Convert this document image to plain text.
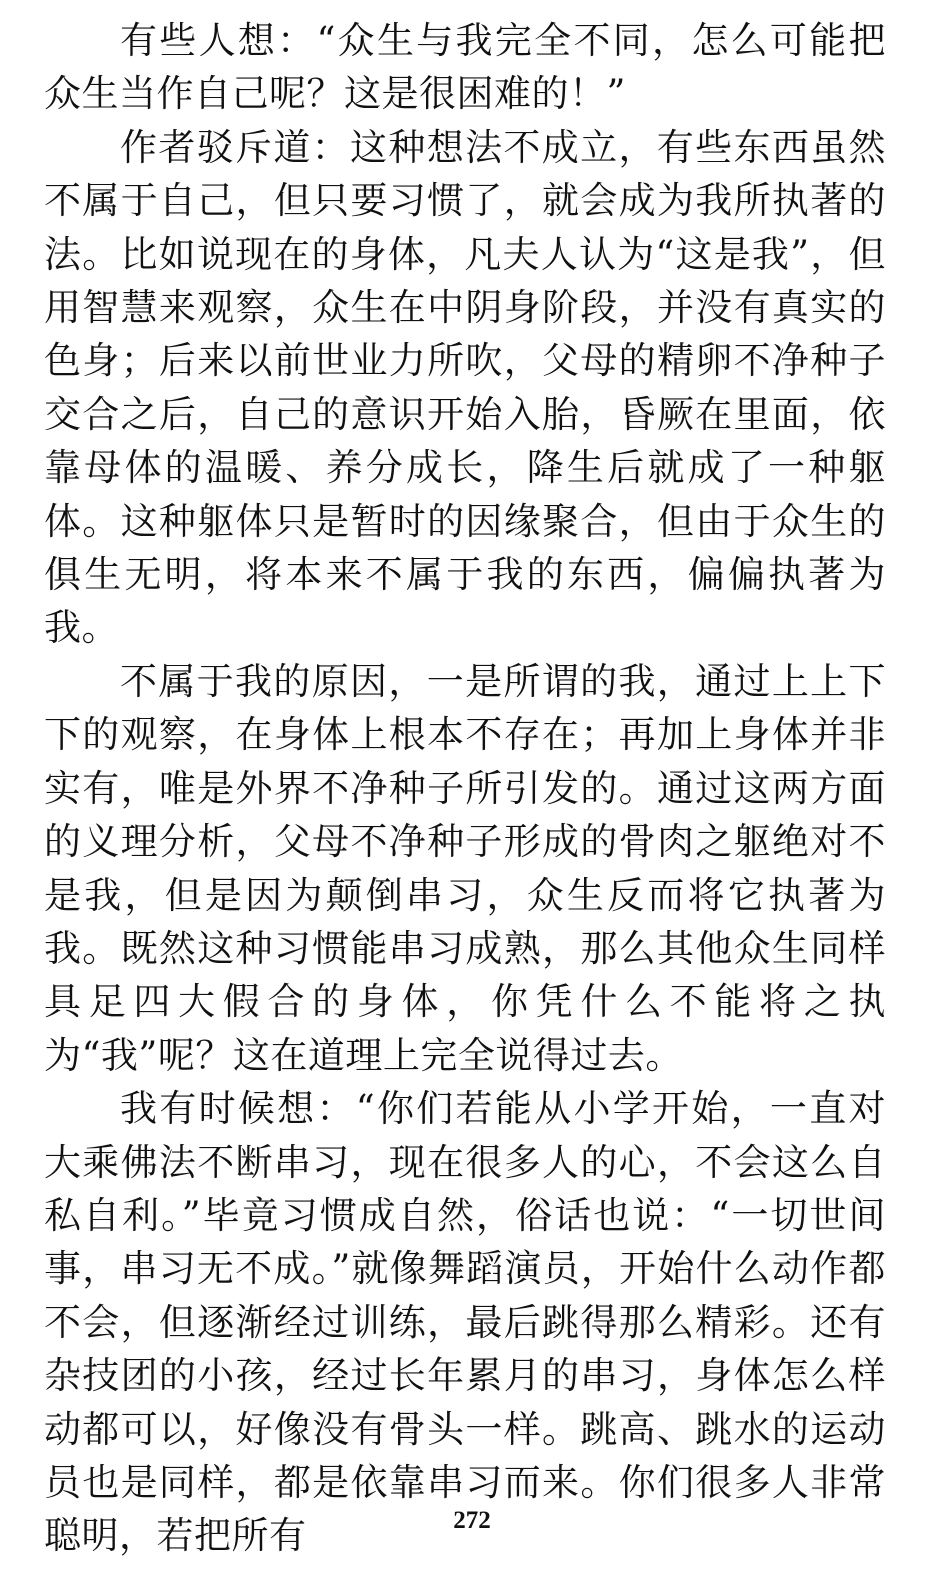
有些人想：“众生与我完全不同，怎么可能把众生当作自己呢？这是很困难的！”

作者驳斥道：这种想法不成立，有些东西虽然不属于自己，但只要习惯了，就会成为我所执著的法。比如说现在的身体，凡夫人认为“这是我”，但用智慧来观察，众生在中阴身阶段，并没有真实的色身；后来以前世业力所吹，父母的精卵不净种子交合之后，自己的意识开始入胎，昏厥在里面，依靠母体的温暖、养分成长，降生后就成了一种躯体。这种躯体只是暂时的因缘聚合，但由于众生的俱生无明，将本来不属于我的东西，偏偏执著为我。

不属于我的原因，一是所谓的我，通过上上下下的观察，在身体上根本不存在；再加上身体并非实有，唯是外界不净种子所引发的。通过这两方面的义理分析，父母不净种子形成的骨肉之躯绝对不是我，但是因为颠倒串习，众生反而将它执著为我。既然这种习惯能串习成熟，那么其他众生同样具足四大假合的身体，你凭什么不能将之执为“我”呢？这在道理上完全说得过去。

我有时候想：“你们若能从小学开始，一直对大乘佛法不断串习，现在很多人的心，不会这么自私自利。”毕竟习惯成自然，俗话也说：“一切世间事，串习无不成。”就像舞蹈演员，开始什么动作都不会，但逐渐经过训练，最后跳得那么精彩。还有杂技团的小孩，经过长年累月的串习，身体怎么样动都可以，好像没有骨头一样。跳高、跳水的运动员也是同样，都是依靠串习而来。你们很多人非常聪明，若把所有	272
